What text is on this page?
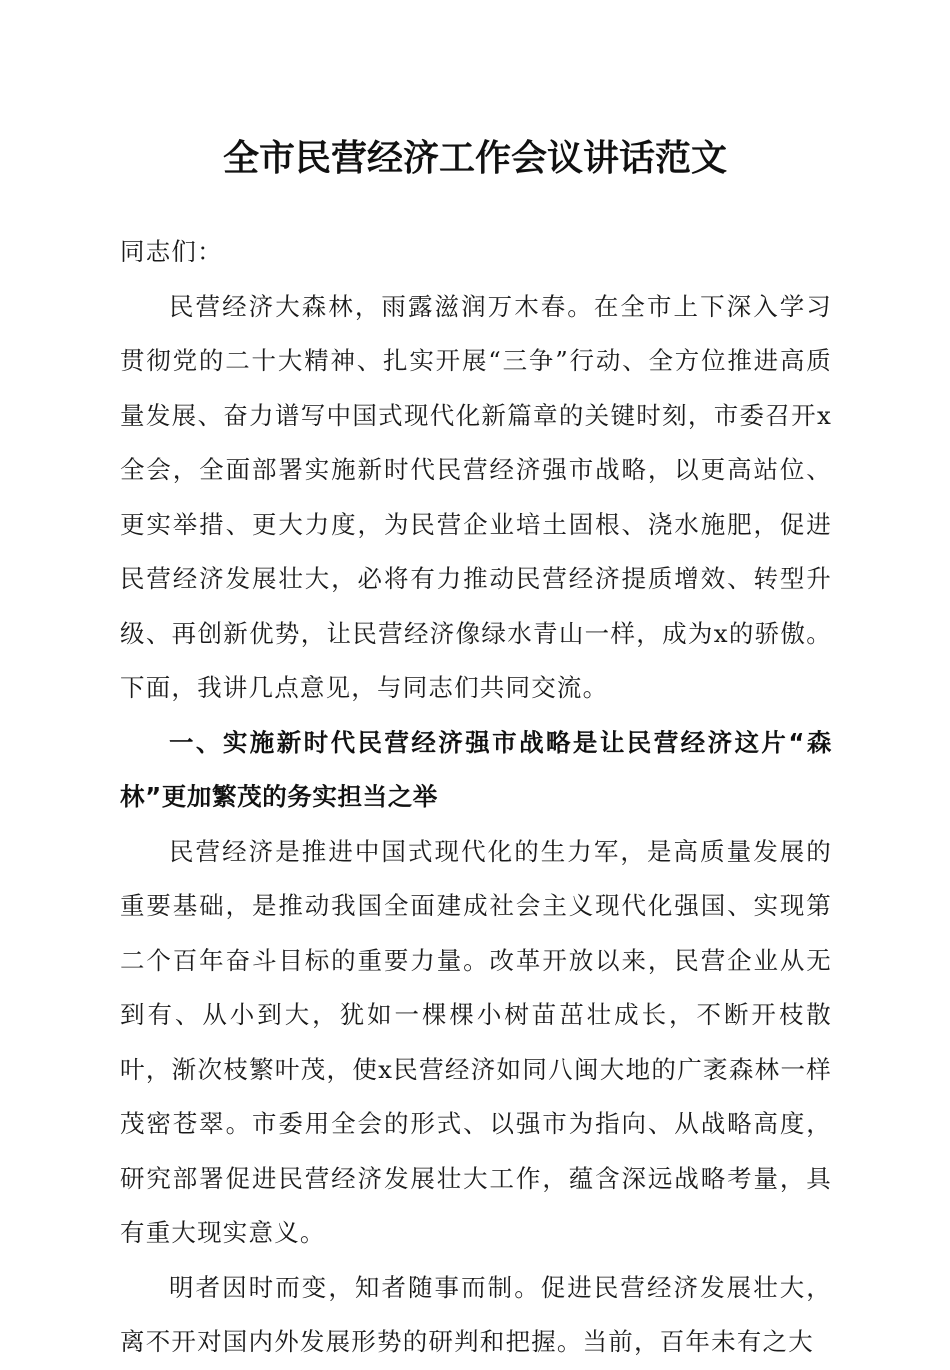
全市民营经济工作会议讲话范文

同志们：

民营经济大森林，雨露滋润万木春。在全市上下深入学习贯彻党的二十大精神、扎实开展“三争”行动、全方位推进高质量发展、奋力谱写中国式现代化新篇章的关键时刻，市委召开x全会，全面部署实施新时代民营经济强市战略，以更高站位、更实举措、更大力度，为民营企业培土固根、浇水施肥，促进民营经济发展壮大，必将有力推动民营经济提质增效、转型升级、再创新优势，让民营经济像绿水青山一样，成为x的骄傲。下面，我讲几点意见，与同志们共同交流。

一、实施新时代民营经济强市战略是让民营经济这片“森林”更加繁茂的务实担当之举

民营经济是推进中国式现代化的生力军，是高质量发展的重要基础，是推动我国全面建成社会主义现代化强国、实现第二个百年奋斗目标的重要力量。改革开放以来，民营企业从无到有、从小到大，犹如一棵棵小树苗茁壮成长，不断开枝散叶，渐次枝繁叶茂，使x民营经济如同八闽大地的广袤森林一样茂密苍翠。市委用全会的形式、以强市为指向、从战略高度，研究部署促进民营经济发展壮大工作，蕴含深远战略考量，具有重大现实意义。

明者因时而变，知者随事而制。促进民营经济发展壮大，离不开对国内外发展形势的研判和把握。当前，百年未有之大
